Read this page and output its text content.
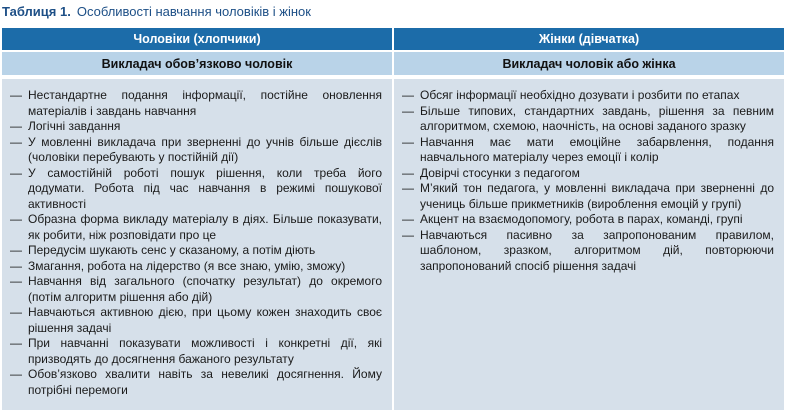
Таблиця 1. Особливості навчання чоловіків і жінок
Чоловіки (хлопчики)	Жінки (дівчатка)
Викладач обов’язково чоловік	Викладач чоловік або жінка
— Нестандартне подання інформації, постійне оновлення матеріалів і завдань навчання
— Логічні завдання
— У мовленні викладача при зверненні до учнів більше дієслів (чоловіки перебувають у постійній дії)
— У самостійній роботі пошук рішення, коли треба його додумати. Робота під час навчання в режимі пошукової активності
— Образна форма викладу матеріалу в діях. Більше показувати, як робити, ніж розповідати про це
— Передусім шукають сенс у сказаному, а потім діють
— Змагання, робота на лідерство (я все знаю, умію, зможу)
— Навчання від загального (спочатку результат) до окремого (потім алгоритм рішення або дій)
— Навчаються активною дією, при цьому кожен знаходить своє рішення задачі
— При навчанні показувати можливості і конкретні дії, які призводять до досягнення бажаного результату
— Обов’язково хвалити навіть за невеликі досягнення. Йому потрібні перемоги
— Обсяг інформації необхідно дозувати і розбити по етапах
— Більше типових, стандартних завдань, рішення за певним алгоритмом, схемою, наочність, на основі заданого зразку
— Навчання має мати емоційне забарвлення, подання навчального матеріалу через емоції і колір
— Довірчі стосунки з педагогом
— М’який тон педагога, у мовленні викладача при зверненні до учениць більше прикметників (вироблення емоцій у групі)
— Акцент на взаємодопомогу, робота в парах, команді, групі
— Навчаються пасивно за запропонованим правилом, шаблоном, зразком, алгоритмом дій, повторюючи запропонований спосіб рішення задачі
